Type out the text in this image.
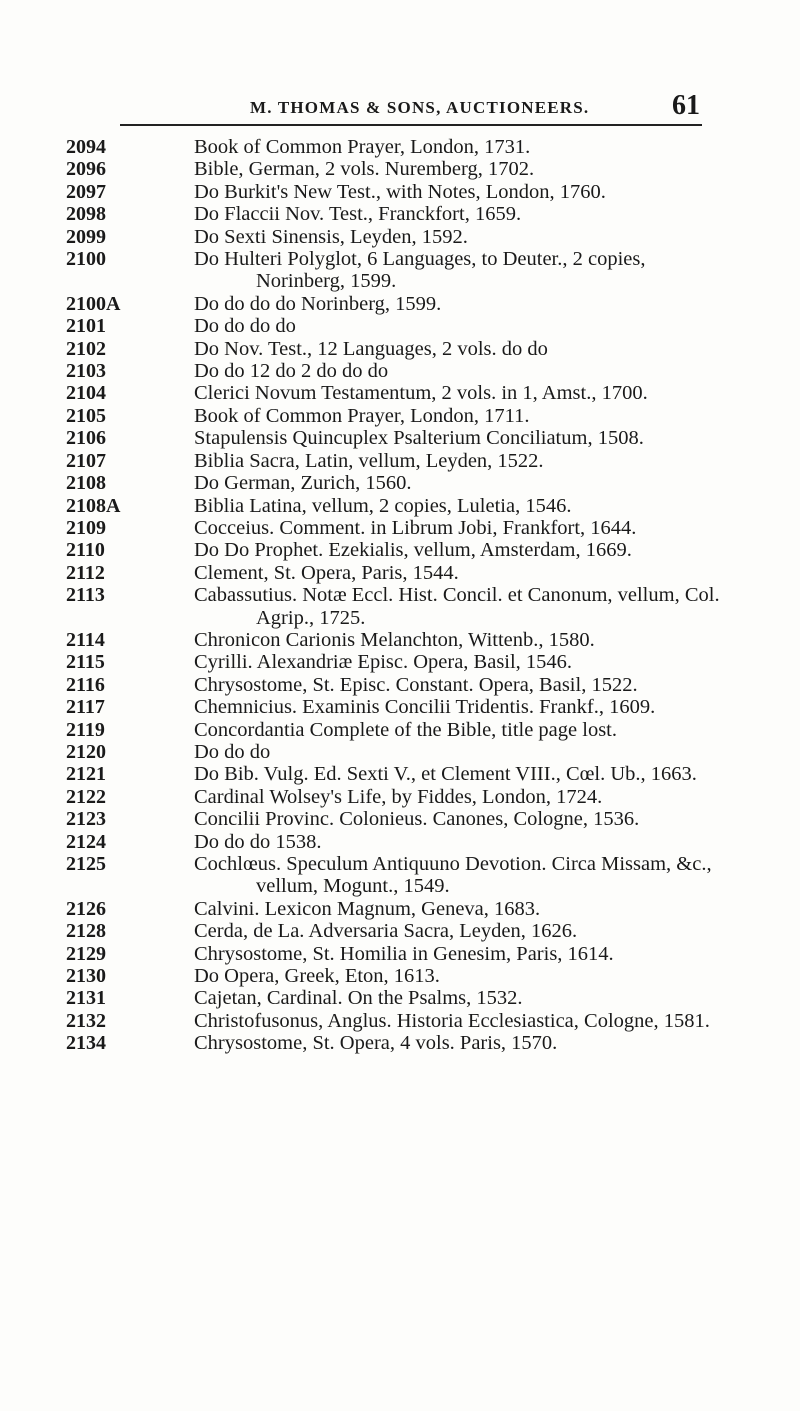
M. THOMAS & SONS, AUCTIONEERS.	61
2094	Book of Common Prayer, London, 1731.
2096	Bible, German, 2 vols. Nuremberg, 1702.
2097	Do Burkit's New Test., with Notes, London, 1760.
2098	Do Flaccii Nov. Test., Franckfort, 1659.
2099	Do Sexti Sinensis, Leyden, 1592.
2100	Do Hulteri Polyglot, 6 Languages, to Deuter., 2 copies, Norinberg, 1599.
2100A	Do do do do Norinberg, 1599.
2101	Do do do do
2102	Do Nov. Test., 12 Languages, 2 vols. do do
2103	Do do 12 do 2 do do do
2104	Clerici Novum Testamentum, 2 vols. in 1, Amst., 1700.
2105	Book of Common Prayer, London, 1711.
2106	Stapulensis Quincuplex Psalterium Conciliatum, 1508.
2107	Biblia Sacra, Latin, vellum, Leyden, 1522.
2108	Do German, Zurich, 1560.
2108A	Biblia Latina, vellum, 2 copies, Luletia, 1546.
2109	Cocceius. Comment. in Librum Jobi, Frankfort, 1644.
2110	Do Do Prophet. Ezekialis, vellum, Amsterdam, 1669.
2112	Clement, St. Opera, Paris, 1544.
2113	Cabassutius. Notæ Eccl. Hist. Concil. et Canonum, vellum, Col. Agrip., 1725.
2114	Chronicon Carionis Melanchton, Wittenb., 1580.
2115	Cyrilli. Alexandriæ Episc. Opera, Basil, 1546.
2116	Chrysostome, St. Episc. Constant. Opera, Basil, 1522.
2117	Chemnicius. Examinis Concilii Tridentis. Frankf., 1609.
2119	Concordantia Complete of the Bible, title page lost.
2120	Do do do
2121	Do Bib. Vulg. Ed. Sexti V., et Clement VIII., Cœl. Ub., 1663.
2122	Cardinal Wolsey's Life, by Fiddes, London, 1724.
2123	Concilii Provinc. Colonieus. Canones, Cologne, 1536.
2124	Do do do 1538.
2125	Cochlœus. Speculum Antiquuno Devotion. Circa Missam, &c., vellum, Mogunt., 1549.
2126	Calvini. Lexicon Magnum, Geneva, 1683.
2128	Cerda, de La. Adversaria Sacra, Leyden, 1626.
2129	Chrysostome, St. Homilia in Genesim, Paris, 1614.
2130	Do Opera, Greek, Eton, 1613.
2131	Cajetan, Cardinal. On the Psalms, 1532.
2132	Christofusonus, Anglus. Historia Ecclesiastica, Cologne, 1581.
2134	Chrysostome, St. Opera, 4 vols. Paris, 1570.
